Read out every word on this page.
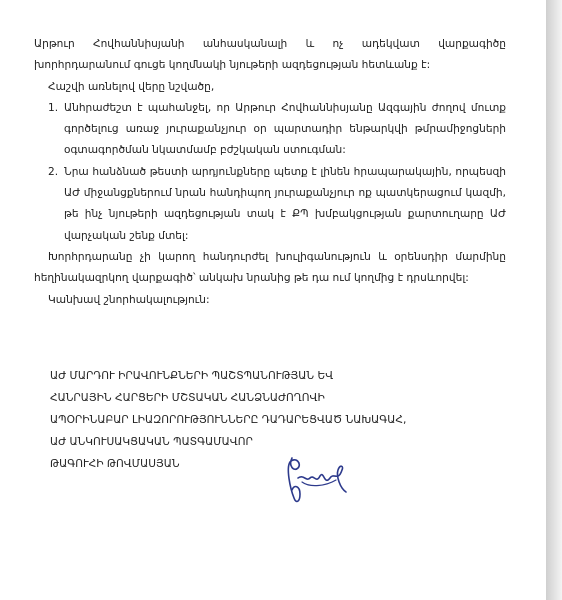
Արթուր Հովհաննիսյանի անհասկանալի և ոչ ադեկվատ վարքագիծը
խորհրդարանում գուցե կողմնակի նյութերի ազդեցության հետևանք է:

Հաշվի առնելով վերը նշվածը,

1. Անհրաժեշտ է պահանջել, որ Արթուր Հովհաննիսյանը Ազգային ժողով մուտք գործելուց առաջ յուրաքանչյուր օր պարտադիր ենթարկվի թմրամիջոցների օգտագործման նկատմամբ բժշկական ստուգման:

2. Նրա հանձնած թեստի արդյունքները պետք է լինեն հրապարակային, որպեսզի ԱԺ միջանցքներում նրան հանդիպող յուրաքանչյուր ոք պատկերացում կազմի, թե ինչ նյութերի ազդեցության տակ է ՔՊ խմբակցության քարտուղարը ԱԺ վարչական շենք մտել:

Խորհրդարանը չի կարող հանդուրժել խուլիգանություն և օրենսդիր մարմինը հեղինակազրկող վարքագիծ՝ անկախ նրանից թե դա ում կողմից է դրսևորվել:

Կանխավ շնորհակալություն:

ԱԺ ՄԱՐԴՈՒ ԻՐԱՎՈՒՆՔՆԵՐԻ ՊԱՇՏՊԱՆՈՒԹՅԱՆ ԵՎ
ՀԱՆՐԱՅԻՆ ՀԱՐՑԵՐԻ ՄՇՏԱԿԱՆ ՀԱՆՁՆԱԺՈՂՈՎԻ
ԱՊՕՐԻՆԱԲԱՐ ԼԻԱԶՈՐՈՒԹՅՈՒՆՆԵՐԸ ԴԱԴԱՐԵՑՎԱԾ ՆԱԽԱԳԱՀ,
ԱԺ ԱՆԿՈՒՍԱԿՑԱԿԱՆ ՊԱՏԳԱՄԱՎՈՐ
ԹԱԳՈՒՀԻ ԹՈՎՄԱՍՅԱՆ
